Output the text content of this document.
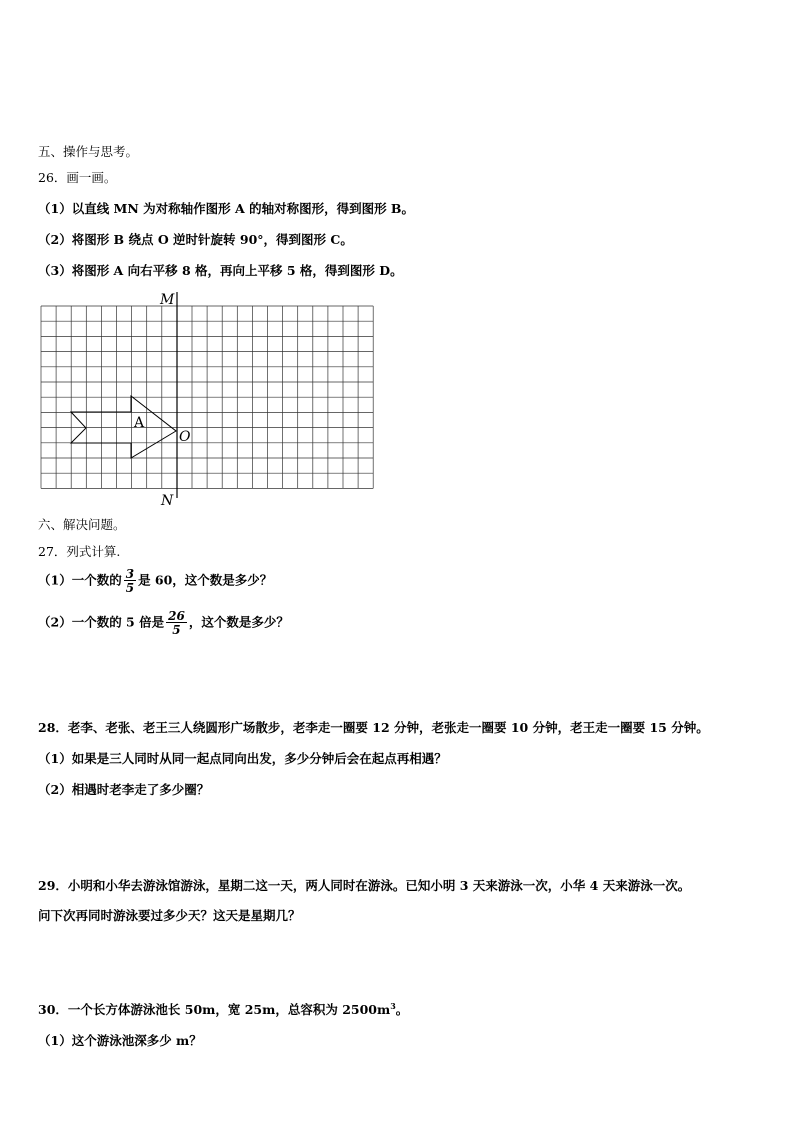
五、操作与思考。
26．画一画。
（1）以直线 MN 为对称轴作图形 A 的轴对称图形，得到图形 B。
（2）将图形 B 绕点 O 逆时针旋转 90°，得到图形 C。
（3）将图形 A 向右平移 8 格，再向上平移 5 格，得到图形 D。
M
N
O
A
六、解决问题。
27．列式计算.
（1）一个数的 $\frac{3}{5}$ 是 60，这个数是多少？
（2）一个数的 5 倍是 $\frac{26}{5}$ ，这个数是多少？
28．老李、老张、老王三人绕圆形广场散步，老李走一圈要 12 分钟，老张走一圈要 10 分钟，老王走一圈要 15 分钟。
（1）如果是三人同时从同一起点同向出发，多少分钟后会在起点再相遇？
（2）相遇时老李走了多少圈？
29．小明和小华去游泳馆游泳，星期二这一天，两人同时在游泳。已知小明 3 天来游泳一次，小华 4 天来游泳一次。
问下次再同时游泳要过多少天？这天是星期几？
30．一个长方体游泳池长 50m，宽 25m，总容积为 $2500m^3$。
（1）这个游泳池深多少 m？
